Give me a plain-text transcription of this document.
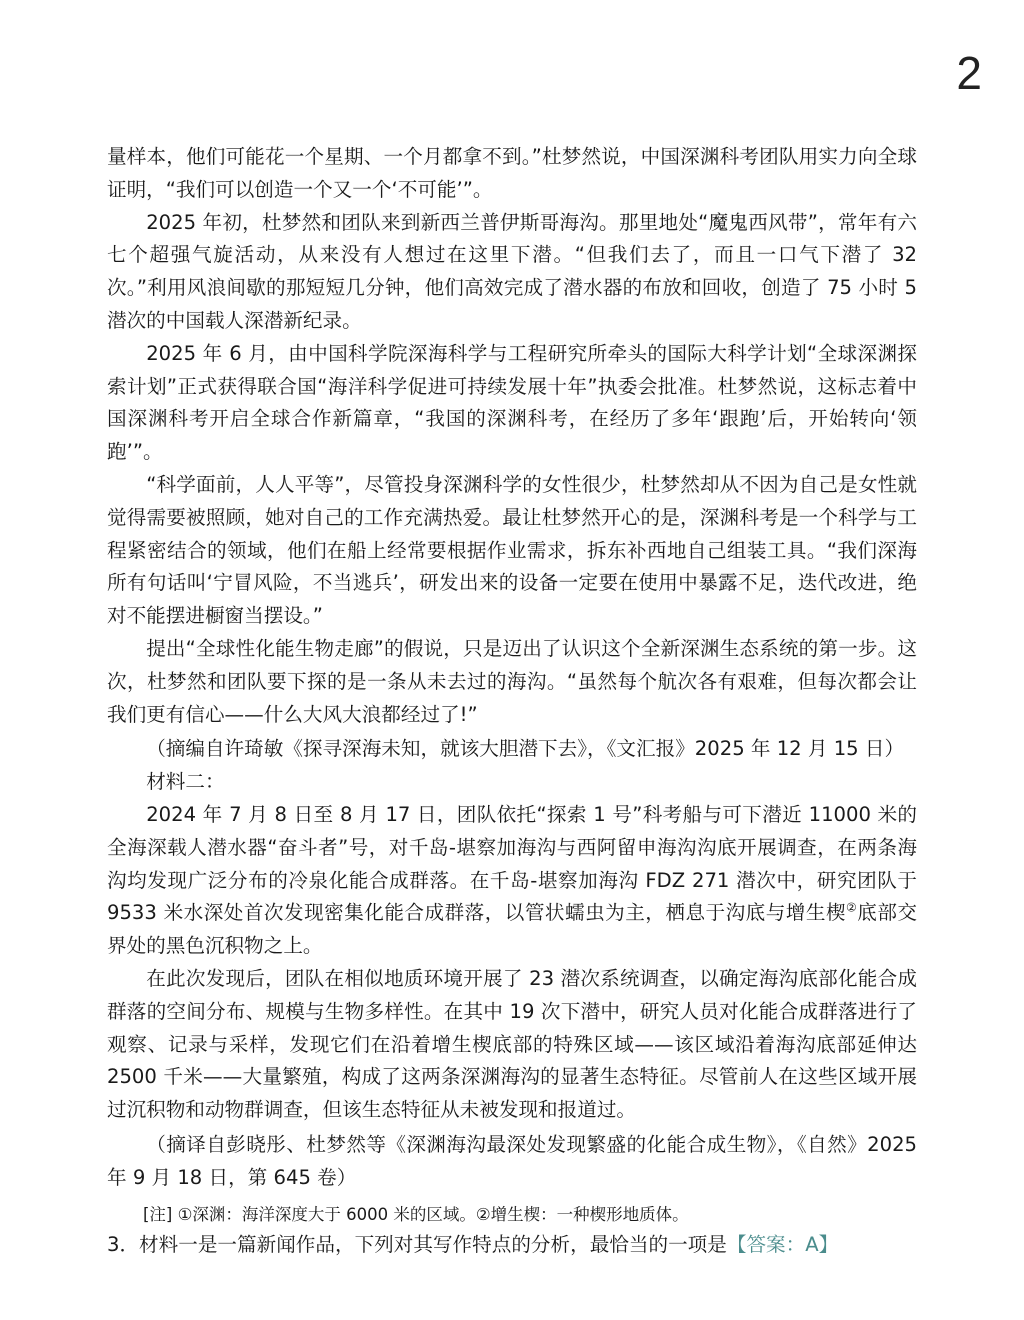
2

量样本，他们可能花一个星期、一个月都拿不到。”杜梦然说，中国深渊科考团队用实力向全球证明，“我们可以创造一个又一个‘不可能’”。

2025 年初，杜梦然和团队来到新西兰普伊斯哥海沟。那里地处“魔鬼西风带”，常年有六七个超强气旋活动，从来没有人想过在这里下潜。“但我们去了，而且一口气下潜了 32 次。”利用风浪间歇的那短短几分钟，他们高效完成了潜水器的布放和回收，创造了 75 小时 5 潜次的中国载人深潜新纪录。

2025 年 6 月，由中国科学院深海科学与工程研究所牵头的国际大科学计划“全球深渊探索计划”正式获得联合国“海洋科学促进可持续发展十年”执委会批准。杜梦然说，这标志着中国深渊科考开启全球合作新篇章，“我国的深渊科考，在经历了多年‘跟跑’后，开始转向‘领跑’”。

“科学面前，人人平等”，尽管投身深渊科学的女性很少，杜梦然却从不因为自己是女性就觉得需要被照顾，她对自己的工作充满热爱。最让杜梦然开心的是，深渊科考是一个科学与工程紧密结合的领域，他们在船上经常要根据作业需求，拆东补西地自己组装工具。“我们深海所有句话叫‘宁冒风险，不当逃兵’，研发出来的设备一定要在使用中暴露不足，迭代改进，绝对不能摆进橱窗当摆设。”

提出“全球性化能生物走廊”的假说，只是迈出了认识这个全新深渊生态系统的第一步。这次，杜梦然和团队要下探的是一条从未去过的海沟。“虽然每个航次各有艰难，但每次都会让我们更有信心——什么大风大浪都经过了!”

（摘编自许琦敏《探寻深海未知，就该大胆潜下去》，《文汇报》2025 年 12 月 15 日）

材料二：

2024 年 7 月 8 日至 8 月 17 日，团队依托“探索 1 号”科考船与可下潜近 11000 米的全海深载人潜水器“奋斗者”号，对千岛-堪察加海沟与西阿留申海沟沟底开展调查，在两条海沟均发现广泛分布的冷泉化能合成群落。在千岛-堪察加海沟 FDZ 271 潜次中，研究团队于 9533 米水深处首次发现密集化能合成群落，以管状蠕虫为主，栖息于沟底与增生楔②底部交界处的黑色沉积物之上。

在此次发现后，团队在相似地质环境开展了 23 潜次系统调查，以确定海沟底部化能合成群落的空间分布、规模与生物多样性。在其中 19 次下潜中，研究人员对化能合成群落进行了观察、记录与采样，发现它们在沿着增生楔底部的特殊区域——该区域沿着海沟底部延伸达 2500 千米——大量繁殖，构成了这两条深渊海沟的显著生态特征。尽管前人在这些区域开展过沉积物和动物群调查，但该生态特征从未被发现和报道过。

（摘译自彭晓彤、杜梦然等《深渊海沟最深处发现繁盛的化能合成生物》，《自然》2025 年 9 月 18 日，第 645 卷）

[注] ①深渊：海洋深度大于 6000 米的区域。②增生楔：一种楔形地质体。

3．材料一是一篇新闻作品，下列对其写作特点的分析，最恰当的一项是【答案：A】
